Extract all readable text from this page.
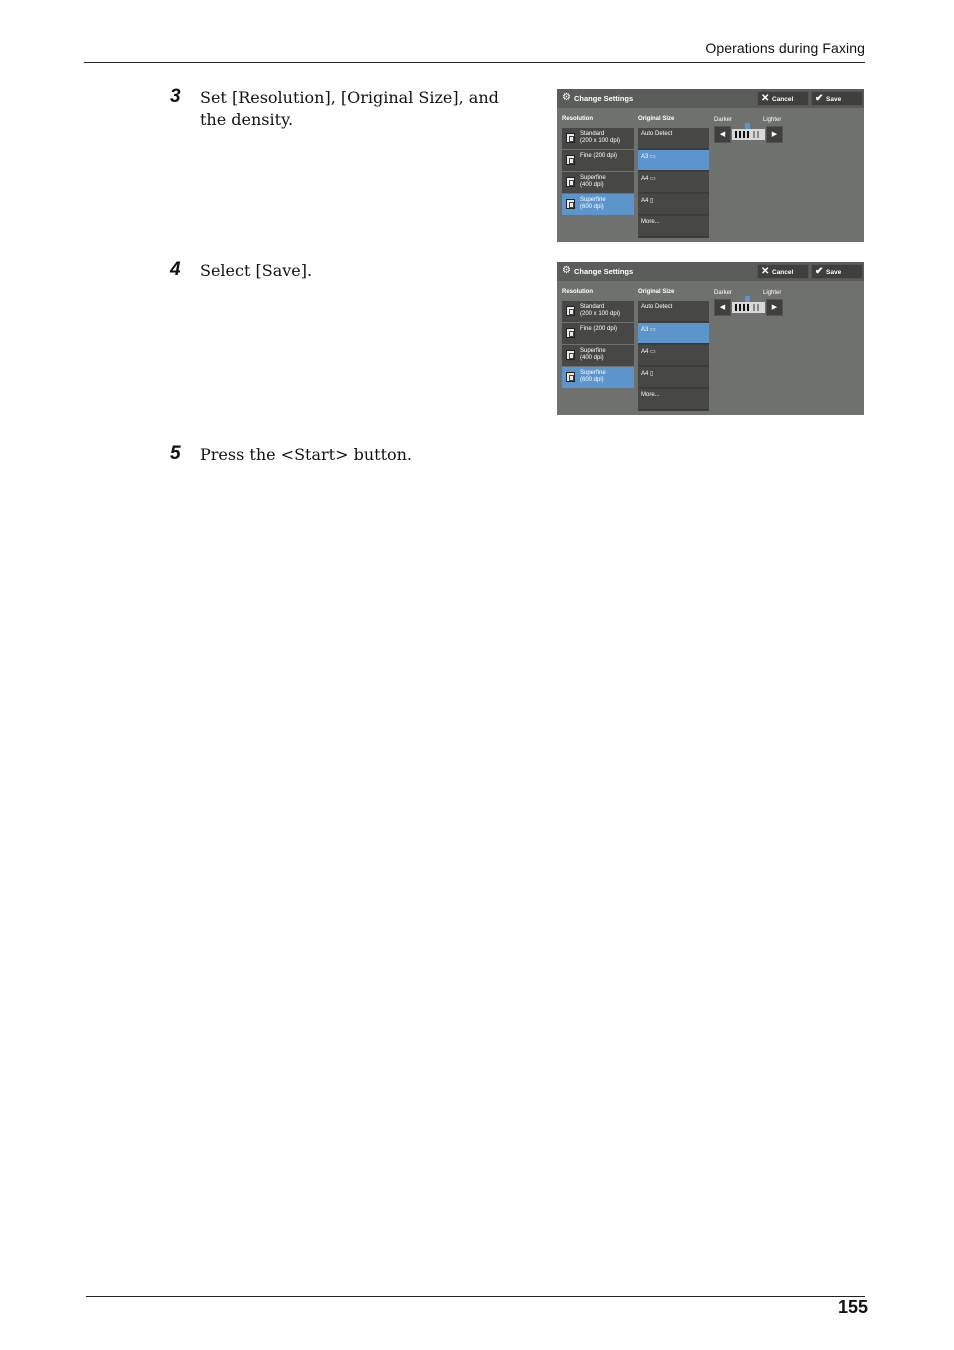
Operations during Faxing
3 Set [Resolution], [Original Size], and the density.
4 Select [Save].
5 Press the <Start> button.
⚙ Change Settings	✕ Cancel ✔ Save
Resolution	Original Size
Standard
(200 x 100 dpi)
Fine (200 dpi)
Superfine
(400 dpi)
Superfine
(600 dpi)
Auto Detect
A3 ▭
A4 ▭
A4 ▯
More...
Darker	Lighter
◀	▶
⚙ Change Settings	✕ Cancel ✔ Save
Resolution	Original Size
Standard
(200 x 100 dpi)
Fine (200 dpi)
Superfine
(400 dpi)
Superfine
(600 dpi)
Auto Detect
A3 ▭
A4 ▭
A4 ▯
More...
Darker	Lighter
◀	▶
155
